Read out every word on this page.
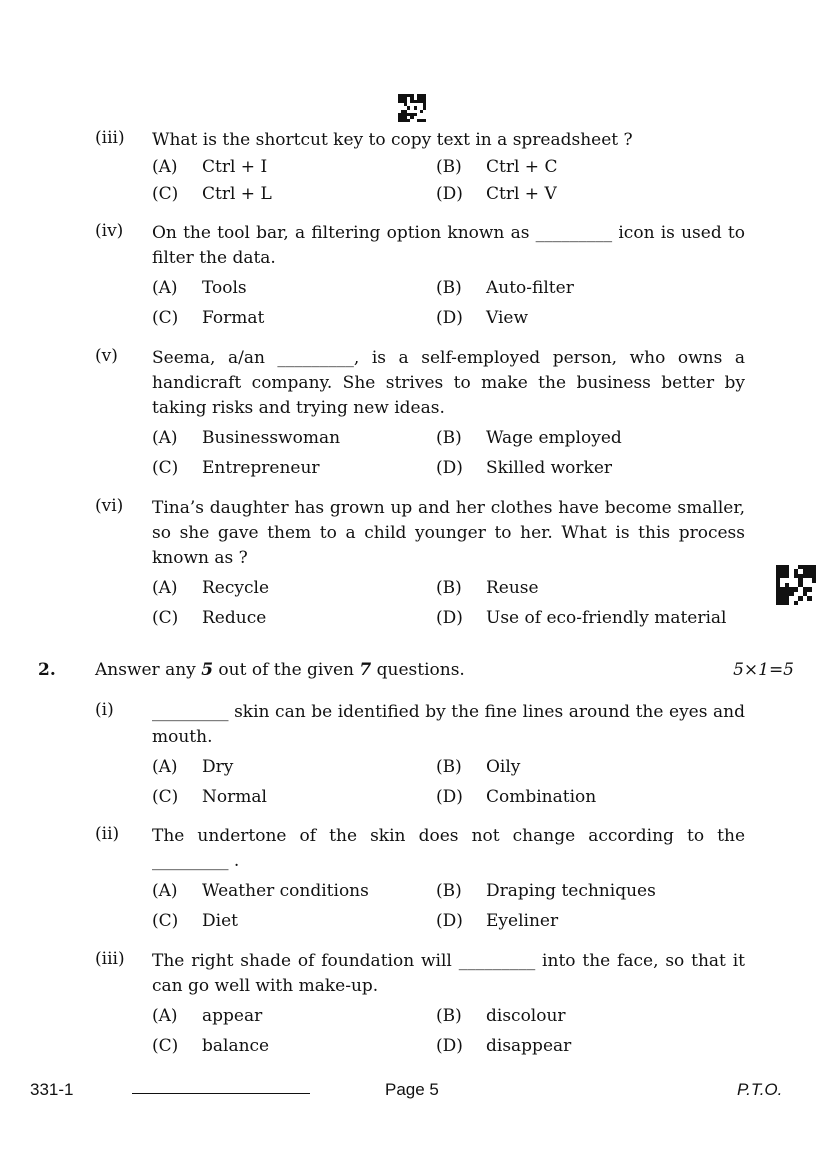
(iii)	What is the shortcut key to copy text in a spreadsheet ?
(A)	Ctrl + I	(B)	Ctrl + C
(C)	Ctrl + L	(D)	Ctrl + V
(iv)	On the tool bar, a filtering option known as _________ icon is used to filter the data.
(A)	Tools	(B)	Auto-filter
(C)	Format	(D)	View
(v)	Seema, a/an _________, is a self-employed person, who owns a handicraft company. She strives to make the business better by taking risks and trying new ideas.
(A)	Businesswoman	(B)	Wage employed
(C)	Entrepreneur	(D)	Skilled worker
(vi)	Tina’s daughter has grown up and her clothes have become smaller, so she gave them to a child younger to her. What is this process known as ?
(A)	Recycle	(B)	Reuse
(C)	Reduce	(D)	Use of eco-friendly material
2. Answer any 5 out of the given 7 questions.	5×1=5
(i)	_________ skin can be identified by the fine lines around the eyes and mouth.
(A)	Dry	(B)	Oily
(C)	Normal	(D)	Combination
(ii)	The undertone of the skin does not change according to the _________ .
(A)	Weather conditions	(B)	Draping techniques
(C)	Diet	(D)	Eyeliner
(iii)	The right shade of foundation will _________ into the face, so that it can go well with make-up.
(A)	appear	(B)	discolour
(C)	balance	(D)	disappear
331-1	Page 5	P.T.O.
